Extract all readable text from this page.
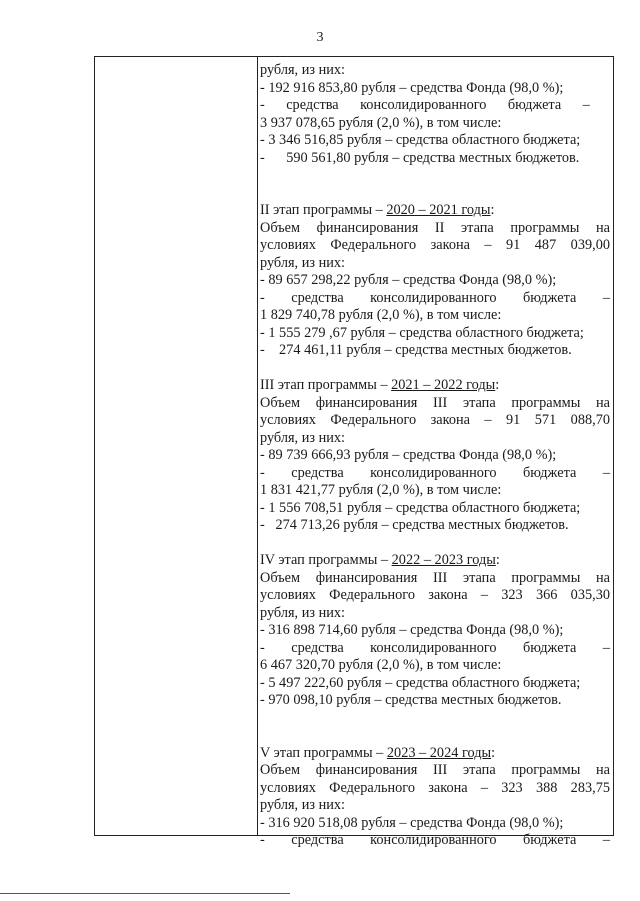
3
рубля, из них:
- 192 916 853,80 рубля – средства Фонда (98,0 %);
-      средства      консолидированного      бюджета      –
3 937 078,65 рубля (2,0 %), в том числе:
- 3 346 516,85 рубля – средства областного бюджета;
-      590 561,80 рубля – средства местных бюджетов.
II этап программы – 2020 – 2021 годы:
Объем финансирования II этапа программы на
условиях Федерального закона – 91 487 039,00
рубля, из них:
- 89 657 298,22 рубля – средства Фонда (98,0 %);
- средства консолидированного бюджета –
1 829 740,78 рубля (2,0 %), в том числе:
- 1 555 279 ,67 рубля – средства областного бюджета;
-    274 461,11 рубля – средства местных бюджетов.
III этап программы – 2021 – 2022 годы:
Объем финансирования III этапа программы на
условиях Федерального закона – 91 571 088,70
рубля, из них:
- 89 739 666,93 рубля – средства Фонда (98,0 %);
- средства консолидированного бюджета –
1 831 421,77 рубля (2,0 %), в том числе:
- 1 556 708,51 рубля – средства областного бюджета;
-   274 713,26 рубля – средства местных бюджетов.
IV этап программы – 2022 – 2023 годы:
Объем финансирования III этапа программы на
условиях Федерального закона – 323 366 035,30
рубля, из них:
- 316 898 714,60 рубля – средства Фонда (98,0 %);
- средства консолидированного бюджета –
6 467 320,70 рубля (2,0 %), в том числе:
- 5 497 222,60 рубля – средства областного бюджета;
- 970 098,10 рубля – средства местных бюджетов.
V этап программы – 2023 – 2024 годы:
Объем финансирования III этапа программы на
условиях Федерального закона – 323 388 283,75
рубля, из них:
- 316 920 518,08 рубля – средства Фонда (98,0 %);
- средства консолидированного бюджета –
